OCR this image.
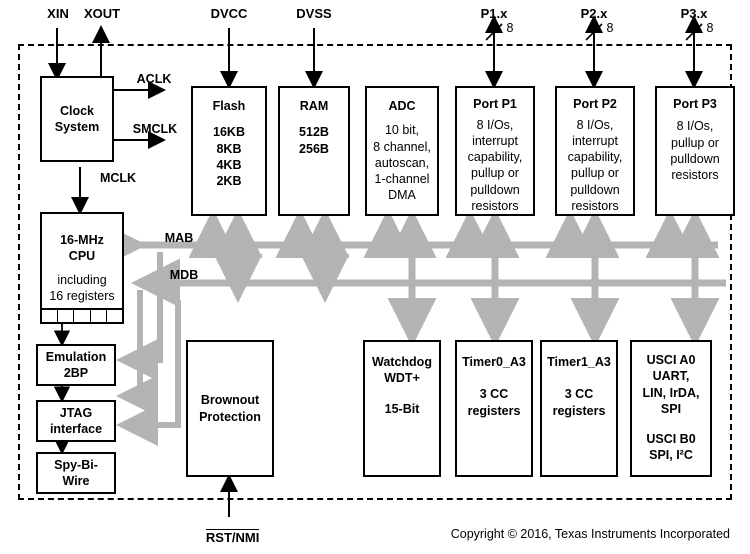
XIN	XOUT	DVCC	DVSS	P1.x	P2.x	P3.x
8	8	8

RST/NMI

ACLK
SMCLK
MCLK
MAB
MDB
Clock
System
16-MHz
CPU
including
16 registers
Emulation
2BP
JTAG
interface
Spy-Bi-
Wire
Flash
16KB
8KB
4KB
2KB
RAM
512B
256B
ADC
10 bit,
8 channel,
autoscan,
1-channel
DMA
Port P1
8 I/Os,
interrupt
capability,
pullup or
pulldown
resistors
Port P2
8 I/Os,
interrupt
capability,
pullup or
pulldown
resistors
Port P3
8 I/Os,
pullup or
pulldown
resistors
Brownout
Protection
Watchdog
WDT+
15-Bit
Timer0_A3
3 CC
registers
Timer1_A3
3 CC
registers
USCI A0
UART,
LIN, IrDA,
SPI
USCI B0
SPI, I²C
Copyright © 2016, Texas Instruments Incorporated
